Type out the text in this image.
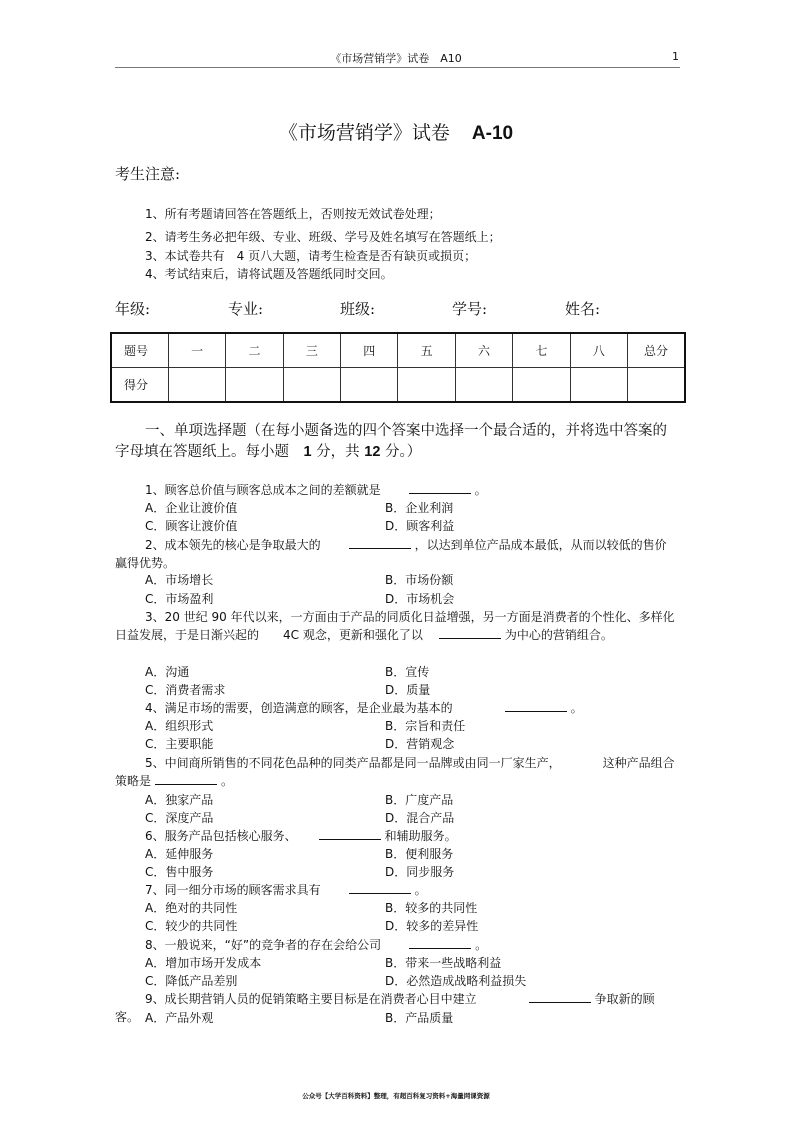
《市场营销学》试卷　A10	1
《市场营销学》试卷 A-10
考生注意:
1、所有考题请回答在答题纸上，否则按无效试卷处理；
2、请考生务必把年级、专业、班级、学号及姓名填写在答题纸上；
3、本试卷共有　4 页八大题，请考生检查是否有缺页或损页；
4、考试结束后，请将试题及答题纸同时交回。
年级:	专业:	班级:	学号:	姓名:
题号	一	二	三	四	五	六	七	八	总分
得分									
一、单项选择题（在每小题备选的四个答案中选择一个最合适的，并将选中答案的字母填在答题纸上。每小题　1 分，共 12 分。）
1、顾客总价值与顾客总成本之间的差额就是　　	。
A．企业让渡价值	B．企业利润
C．顾客让渡价值	D．顾客利益
2、成本领先的核心是争取最大的　　	，以达到单位产品成本最低，从而以较低的售价赢得优势。
A．市场增长	B．市场份额
C．市场盈利	D．市场机会
3、20 世纪 90 年代以来，一方面由于产品的同质化日益增强，另一方面是消费者的个性化、多样化日益发展，于是日渐兴起的　　4C 观念，更新和强化了以　	为中心的营销组合。
A．沟通	B．宣传
C．消费者需求	D．质量
4、满足市场的需要，创造满意的顾客，是企业最为基本的　　　　	。
A．组织形式	B．宗旨和责任
C．主要职能	D．营销观念
5、中间商所销售的不同花色品种的同类产品都是同一品牌或由同一厂家生产，　　　　这种产品组合策略是	。
A．独家产品	B．广度产品
C．深度产品	D．混合产品
6、服务产品包括核心服务、　　	和辅助服务。
A．延伸服务	B．便利服务
C．售中服务	D．同步服务
7、同一细分市场的顾客需求具有　　	。
A．绝对的共同性	B．较多的共同性
C．较少的共同性	D．较多的差异性
8、一般说来，“好”的竞争者的存在会给公司　　	。
A．增加市场开发成本	B．带来一些战略利益
C．降低产品差别	D．必然造成战略利益损失
9、成长期营销人员的促销策略主要目标是在消费者心目中建立　　　　	争取新的顾客。 A．产品外观	B．产品质量
公众号【大学百科资料】整理，有超百科复习资料+海量网课资源
